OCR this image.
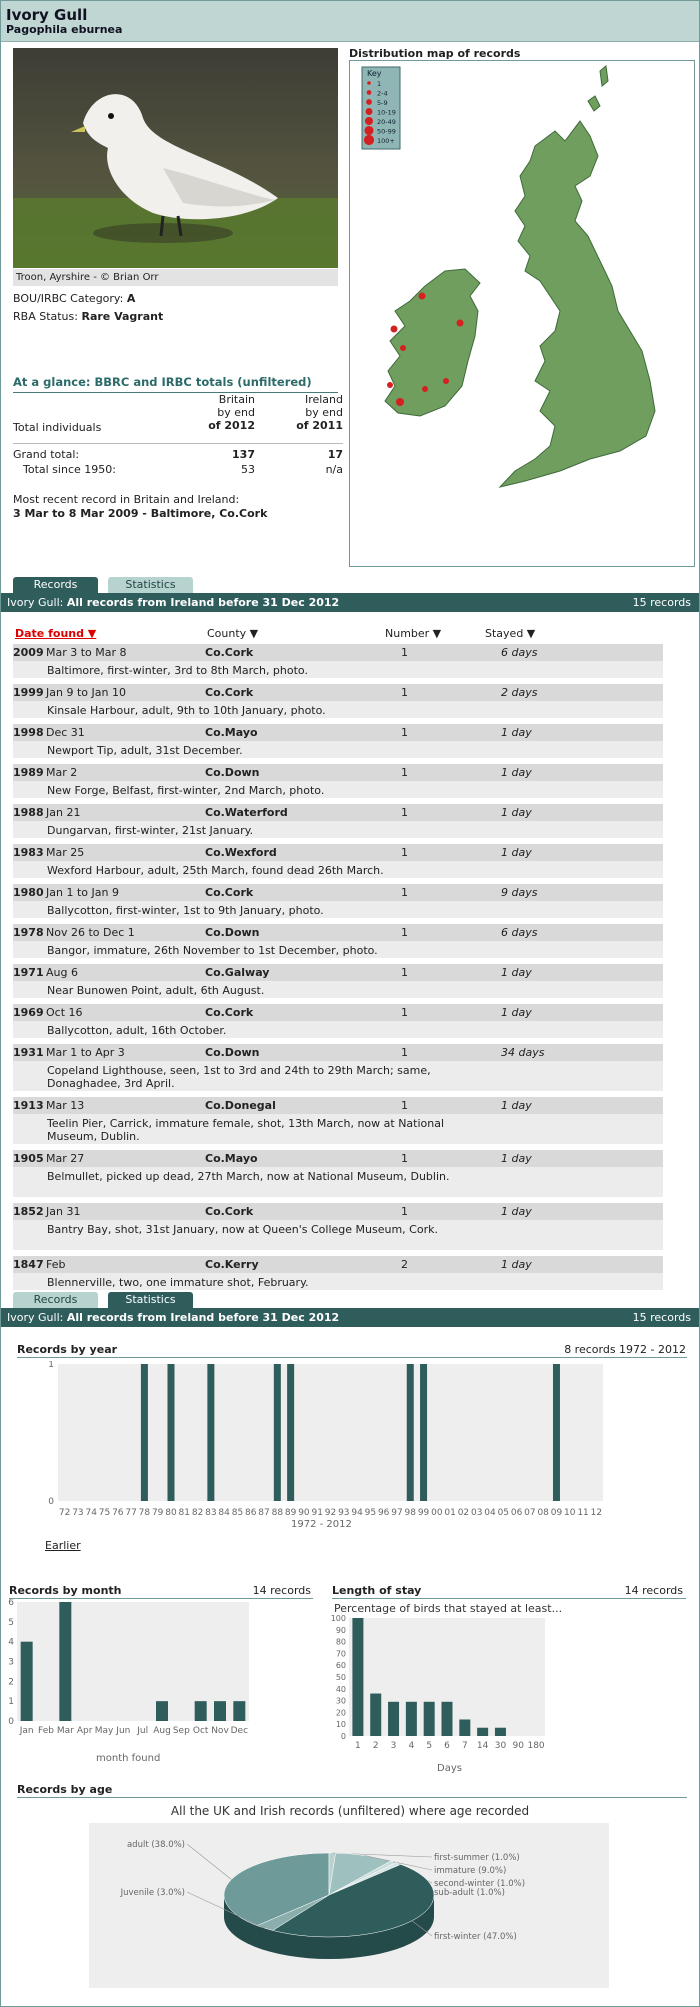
Ivory Gull
Pagophila eburnea
Troon, Ayrshire - © Brian Orr
BOU/IRBC Category: A
RBA Status: Rare Vagrant
At a glance: BBRC and IRBC totals (unfiltered)
Britain
by end
of 2012
Ireland
by end
of 2011
Total individuals
Grand total:	137	17
Total since 1950:	53	n/a
Most recent record in Britain and Ireland:
3 Mar to 8 Mar 2009 - Baltimore, Co.Cork
Distribution map of records
Key
1
2-4
5-9
10-19
20-49
50-99
100+
Records	Statistics
Ivory Gull: All records from Ireland before 31 Dec 2012	15 records
Date found ▼	County ▼	Number ▼	Stayed ▼
2009 Mar 3 to Mar 8	Co.Cork	1	6 days
Baltimore, first-winter, 3rd to 8th March, photo.
1999 Jan 9 to Jan 10	Co.Cork	1	2 days
Kinsale Harbour, adult, 9th to 10th January, photo.
1998 Dec 31	Co.Mayo	1	1 day
Newport Tip, adult, 31st December.
1989 Mar 2	Co.Down	1	1 day
New Forge, Belfast, first-winter, 2nd March, photo.
1988 Jan 21	Co.Waterford	1	1 day
Dungarvan, first-winter, 21st January.
1983 Mar 25	Co.Wexford	1	1 day
Wexford Harbour, adult, 25th March, found dead 26th March.
1980 Jan 1 to Jan 9	Co.Cork	1	9 days
Ballycotton, first-winter, 1st to 9th January, photo.
1978 Nov 26 to Dec 1	Co.Down	1	6 days
Bangor, immature, 26th November to 1st December, photo.
1971 Aug 6	Co.Galway	1	1 day
Near Bunowen Point, adult, 6th August.
1969 Oct 16	Co.Cork	1	1 day
Ballycotton, adult, 16th October.
1931 Mar 1 to Apr 3	Co.Down	1	34 days
Copeland Lighthouse, seen, 1st to 3rd and 24th to 29th March; same, Donaghadee, 3rd April.
1913 Mar 13	Co.Donegal	1	1 day
Teelin Pier, Carrick, immature female, shot, 13th March, now at National Museum, Dublin.
1905 Mar 27	Co.Mayo	1	1 day
Belmullet, picked up dead, 27th March, now at National Museum, Dublin.
1852 Jan 31	Co.Cork	1	1 day
Bantry Bay, shot, 31st January, now at Queen's College Museum, Cork.
1847 Feb	Co.Kerry	2	1 day
Blennerville, two, one immature shot, February.
Records	Statistics
Ivory Gull: All records from Ireland before 31 Dec 2012	15 records
Records by year	8 records 1972 - 2012
0
1
72 73 74 75 76 77 78 79 80 81 82 83 84 85 86 87 88 89 90 91 92 93 94 95 96 97 98 99 00 01 02 03 04 05 06 07 08 09 10 11 12
1972 - 2012
Earlier
Records by month	14 records
0
1
2
3
4
5
6
Jan Feb Mar Apr May Jun Jul Aug Sep Oct Nov Dec
month found
Length of stay	14 records
Percentage of birds that stayed at least...
0
10
20
30
40
50
60
70
80
90
100
1 2 3 4 5 6 7 14 30 90 180
Days
Records by age
All the UK and Irish records (unfiltered) where age recorded
adult (38.0%)
first-summer (1.0%)
immature (9.0%)
second-winter (1.0%)
sub-adult (1.0%)
first-winter (47.0%)
Juvenile (3.0%)
